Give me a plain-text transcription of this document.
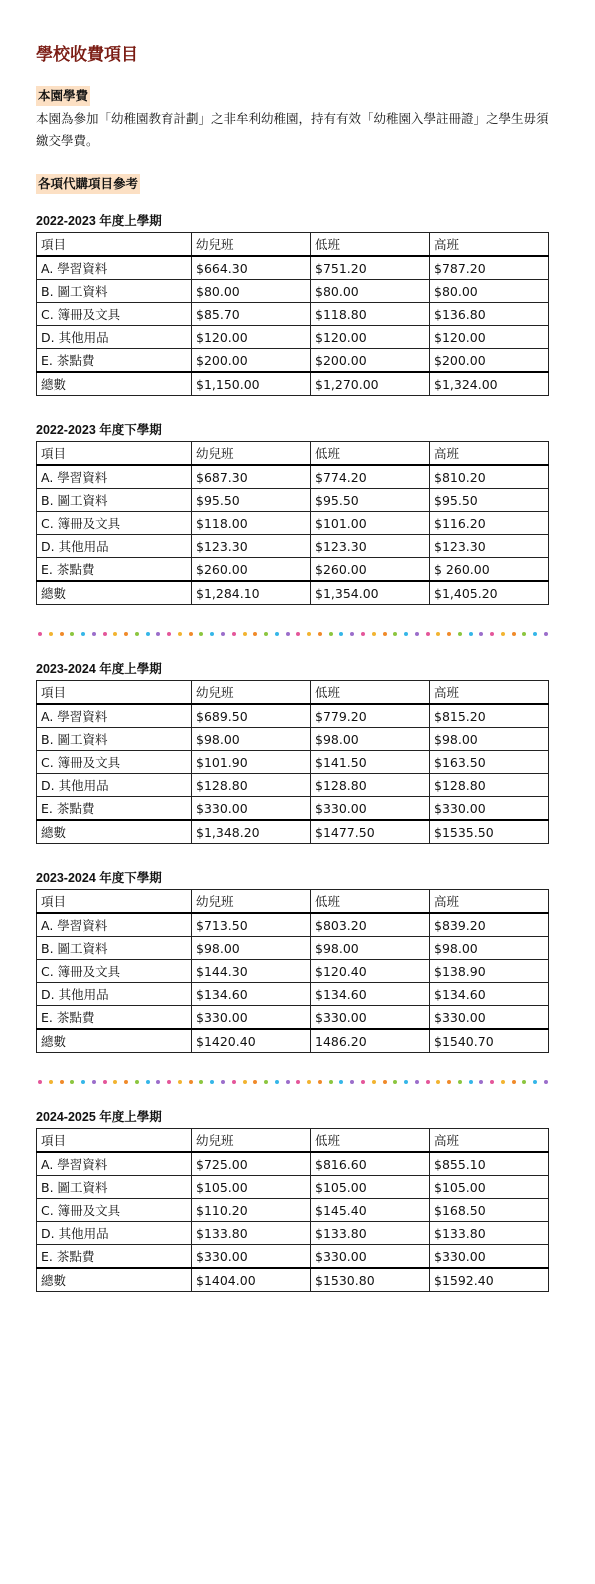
學校收費項目
本園學費

本園為參加「幼稚園教育計劃」之非牟利幼稚園，持有有效「幼稚園入學註冊證」之學生毋須繳交學費。

各項代購項目參考
2022-2023 年度上學期
項目	幼兒班	低班	高班
A. 學習資料	$664.30	$751.20	$787.20
B. 圖工資料	$80.00	$80.00	$80.00
C. 簿冊及文具	$85.70	$118.80	$136.80
D. 其他用品	$120.00	$120.00	$120.00
E. 茶點費	$200.00	$200.00	$200.00
總數	$1,150.00	$1,270.00	$1,324.00
2022-2023 年度下學期
項目	幼兒班	低班	高班
A. 學習資料	$687.30	$774.20	$810.20
B. 圖工資料	$95.50	$95.50	$95.50
C. 簿冊及文具	$118.00	$101.00	$116.20
D. 其他用品	$123.30	$123.30	$123.30
E. 茶點費	$260.00	$260.00	$ 260.00
總數	$1,284.10	$1,354.00	$1,405.20
2023-2024 年度上學期
項目	幼兒班	低班	高班
A. 學習資料	$689.50	$779.20	$815.20
B. 圖工資料	$98.00	$98.00	$98.00
C. 簿冊及文具	$101.90	$141.50	$163.50
D. 其他用品	$128.80	$128.80	$128.80
E. 茶點費	$330.00	$330.00	$330.00
總數	$1,348.20	$1477.50	$1535.50
2023-2024 年度下學期
項目	幼兒班	低班	高班
A. 學習資料	$713.50	$803.20	$839.20
B. 圖工資料	$98.00	$98.00	$98.00
C. 簿冊及文具	$144.30	$120.40	$138.90
D. 其他用品	$134.60	$134.60	$134.60
E. 茶點費	$330.00	$330.00	$330.00
總數	$1420.40	1486.20	$1540.70
2024-2025 年度上學期
項目	幼兒班	低班	高班
A. 學習資料	$725.00	$816.60	$855.10
B. 圖工資料	$105.00	$105.00	$105.00
C. 簿冊及文具	$110.20	$145.40	$168.50
D. 其他用品	$133.80	$133.80	$133.80
E. 茶點費	$330.00	$330.00	$330.00
總數	$1404.00	$1530.80	$1592.40
